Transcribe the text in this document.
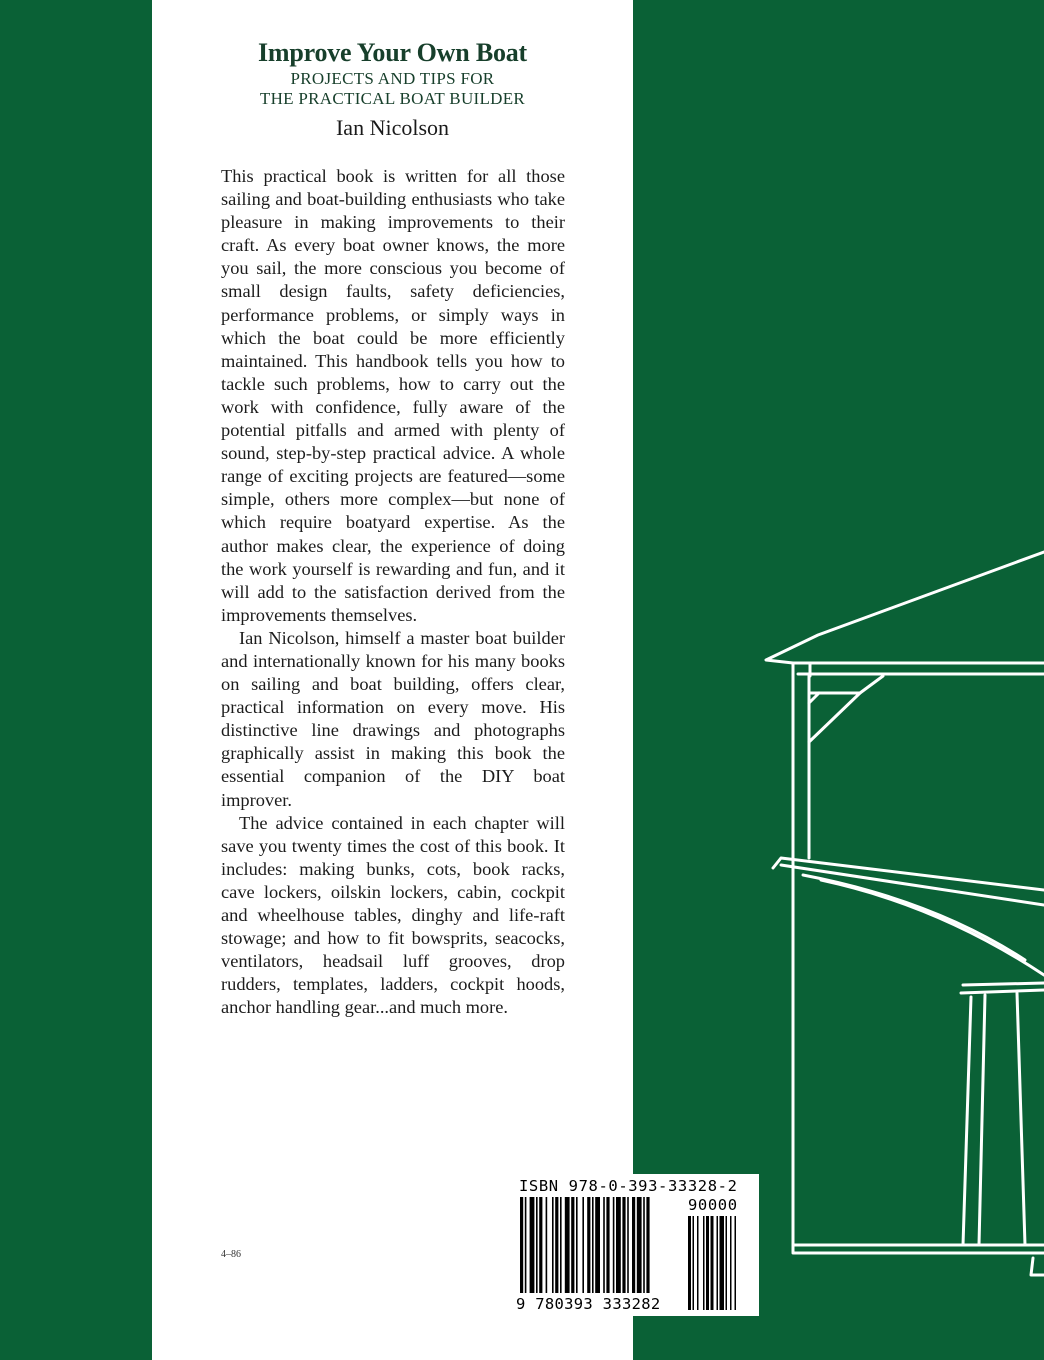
Improve Your Own Boat
PROJECTS AND TIPS FOR
THE PRACTICAL BOAT BUILDER
Ian Nicolson

This practical book is written for all those sailing and boat-building enthusiasts who take pleasure in making improvements to their craft. As every boat owner knows, the more you sail, the more conscious you become of small design faults, safety deficiencies, performance problems, or simply ways in which the boat could be more efficiently maintained. This handbook tells you how to tackle such problems, how to carry out the work with confidence, fully aware of the potential pitfalls and armed with plenty of sound, step-by-step practical advice. A whole range of exciting projects are featured—some simple, others more complex—but none of which require boatyard expertise. As the author makes clear, the experience of doing the work yourself is rewarding and fun, and it will add to the satisfaction derived from the improvements themselves.

Ian Nicolson, himself a master boat builder and internationally known for his many books on sailing and boat building, offers clear, practical information on every move. His distinctive line drawings and photographs graphically assist in making this book the essential companion of the DIY boat improver.

The advice contained in each chapter will save you twenty times the cost of this book. It includes: making bunks, cots, book racks, cave lockers, oilskin lockers, cabin, cockpit and wheelhouse tables, dinghy and life-raft stowage; and how to fit bowsprits, seacocks, ventilators, headsail luff grooves, drop rudders, templates, ladders, cockpit hoods, anchor handling gear...and much more.

4–86
ISBN 978-0-393-33328-2
90000
9 780393 333282
